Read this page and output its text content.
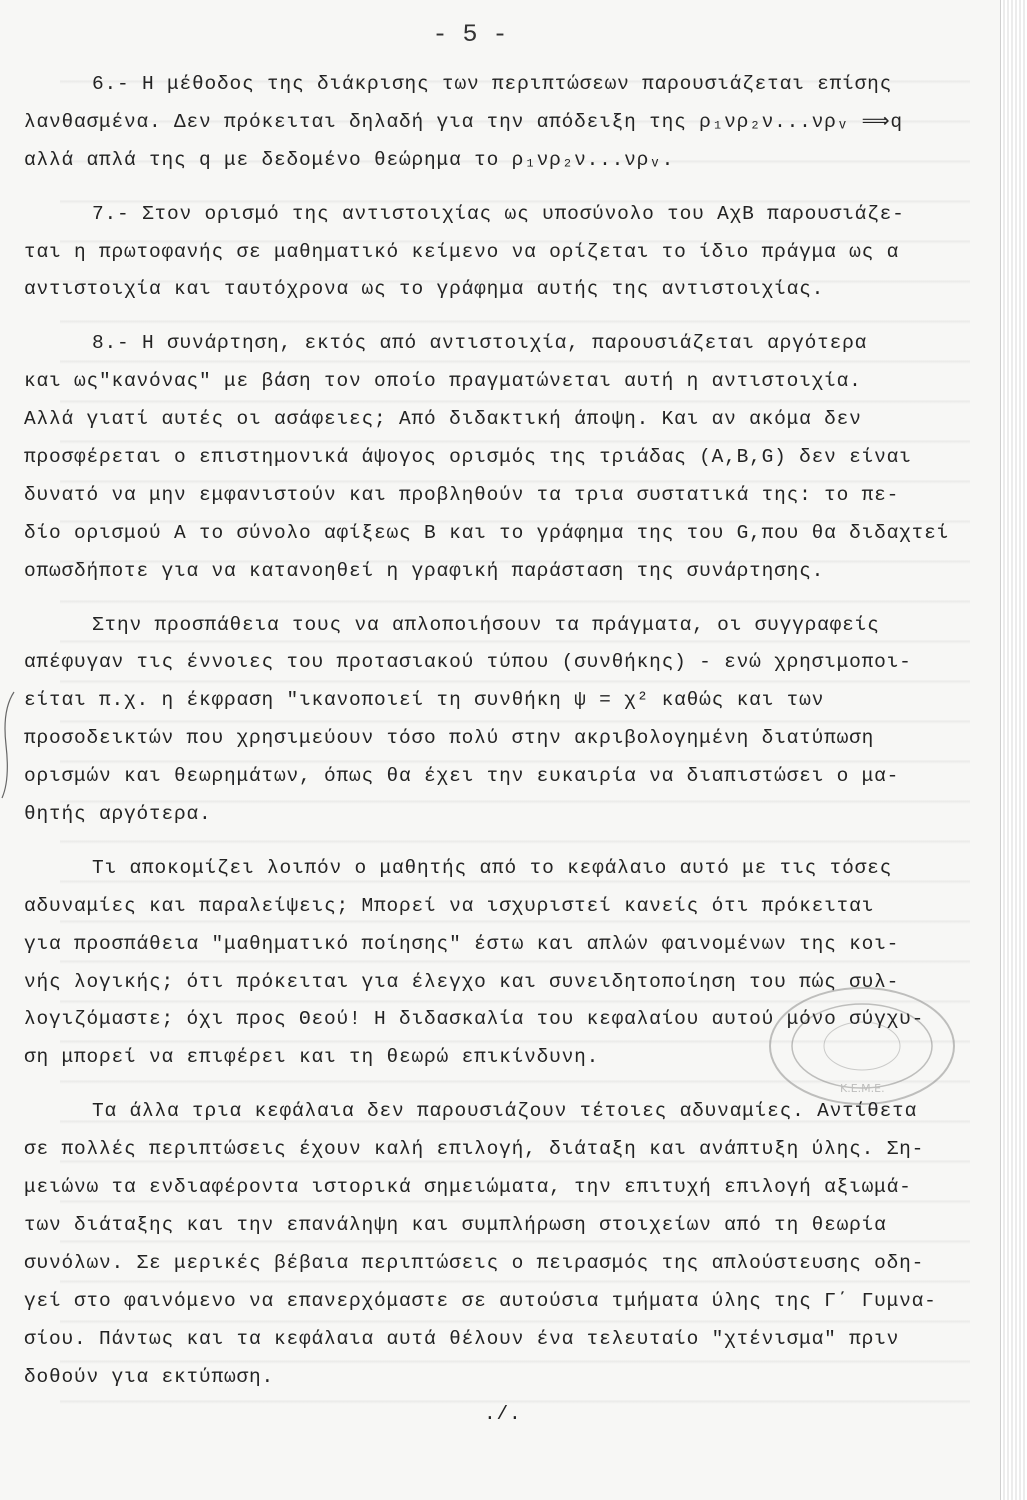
K.E.M.E.
- 5 -
6.- Η μέθοδος της διάκρισης των περιπτώσεων παρουσιάζεται επίσης
λανθασμένα. Δεν πρόκειται δηλαδή για την απόδειξη της ρ₁νρ₂ν...νρᵥ ⟹q
αλλά απλά της q με δεδομένο θεώρημα το ρ₁νρ₂ν...νρᵥ.
7.- Στον ορισμό της αντιστοιχίας ως υποσύνολο του ΑχΒ παρουσιάζε-
ται η πρωτοφανής σε μαθηματικό κείμενο να ορίζεται το ίδιο πράγμα ως α
αντιστοιχία και ταυτόχρονα ως το γράφημα αυτής της αντιστοιχίας.
8.- Η συνάρτηση, εκτός από αντιστοιχία, παρουσιάζεται αργότερα
και ως"κανόνας" με βάση τον οποίο πραγματώνεται αυτή η αντιστοιχία.
Αλλά γιατί αυτές οι ασάφειες; Από διδακτική άποψη. Και αν ακόμα δεν
προσφέρεται ο επιστημονικά άψογος ορισμός της τριάδας (A,B,G) δεν είναι
δυνατό να μην εμφανιστούν και προβληθούν τα τρια συστατικά της: το πε-
δίο ορισμού Α το σύνολο αφίξεως Β και το γράφημα της του G,που θα διδαχτεί
οπωσδήποτε για να κατανοηθεί η γραφική παράσταση της συνάρτησης.
Στην προσπάθεια τους να απλοποιήσουν τα πράγματα, οι συγγραφείς
απέφυγαν τις έννοιες του προτασιακού τύπου (συνθήκης) - ενώ χρησιμοποι-
είται π.χ. η έκφραση "ικανοποιεί τη συνθήκη ψ = χ² καθώς και των
προσοδεικτών που χρησιμεύουν τόσο πολύ στην ακριβολογημένη διατύπωση
ορισμών και θεωρημάτων, όπως θα έχει την ευκαιρία να διαπιστώσει ο μα-
θητής αργότερα.
Τι αποκομίζει λοιπόν ο μαθητής από το κεφάλαιο αυτό με τις τόσες
αδυναμίες και παραλείψεις; Μπορεί να ισχυριστεί κανείς ότι πρόκειται
για προσπάθεια "μαθηματικό ποίησης" έστω και απλών φαινομένων της κοι-
νής λογικής; ότι πρόκειται για έλεγχο και συνειδητοποίηση του πώς συλ-
λογιζόμαστε; όχι προς Θεού! Η διδασκαλία του κεφαλαίου αυτού μόνο σύγχυ-
ση μπορεί να επιφέρει και τη θεωρώ επικίνδυνη.
Τα άλλα τρια κεφάλαια δεν παρουσιάζουν τέτοιες αδυναμίες. Αντίθετα
σε πολλές περιπτώσεις έχουν καλή επιλογή, διάταξη και ανάπτυξη ύλης. Ση-
μειώνω τα ενδιαφέροντα ιστορικά σημειώματα, την επιτυχή επιλογή αξιωμά-
των διάταξης και την επανάληψη και συμπλήρωση στοιχείων από τη θεωρία
συνόλων. Σε μερικές βέβαια περιπτώσεις ο πειρασμός της απλούστευσης οδη-
γεί στο φαινόμενο να επανερχόμαστε σε αυτούσια τμήματα ύλης της Γ΄ Γυμνα-
σίου. Πάντως και τα κεφάλαια αυτά θέλουν ένα τελευταίο "χτένισμα" πριν
δοθούν για εκτύπωση.
./.
